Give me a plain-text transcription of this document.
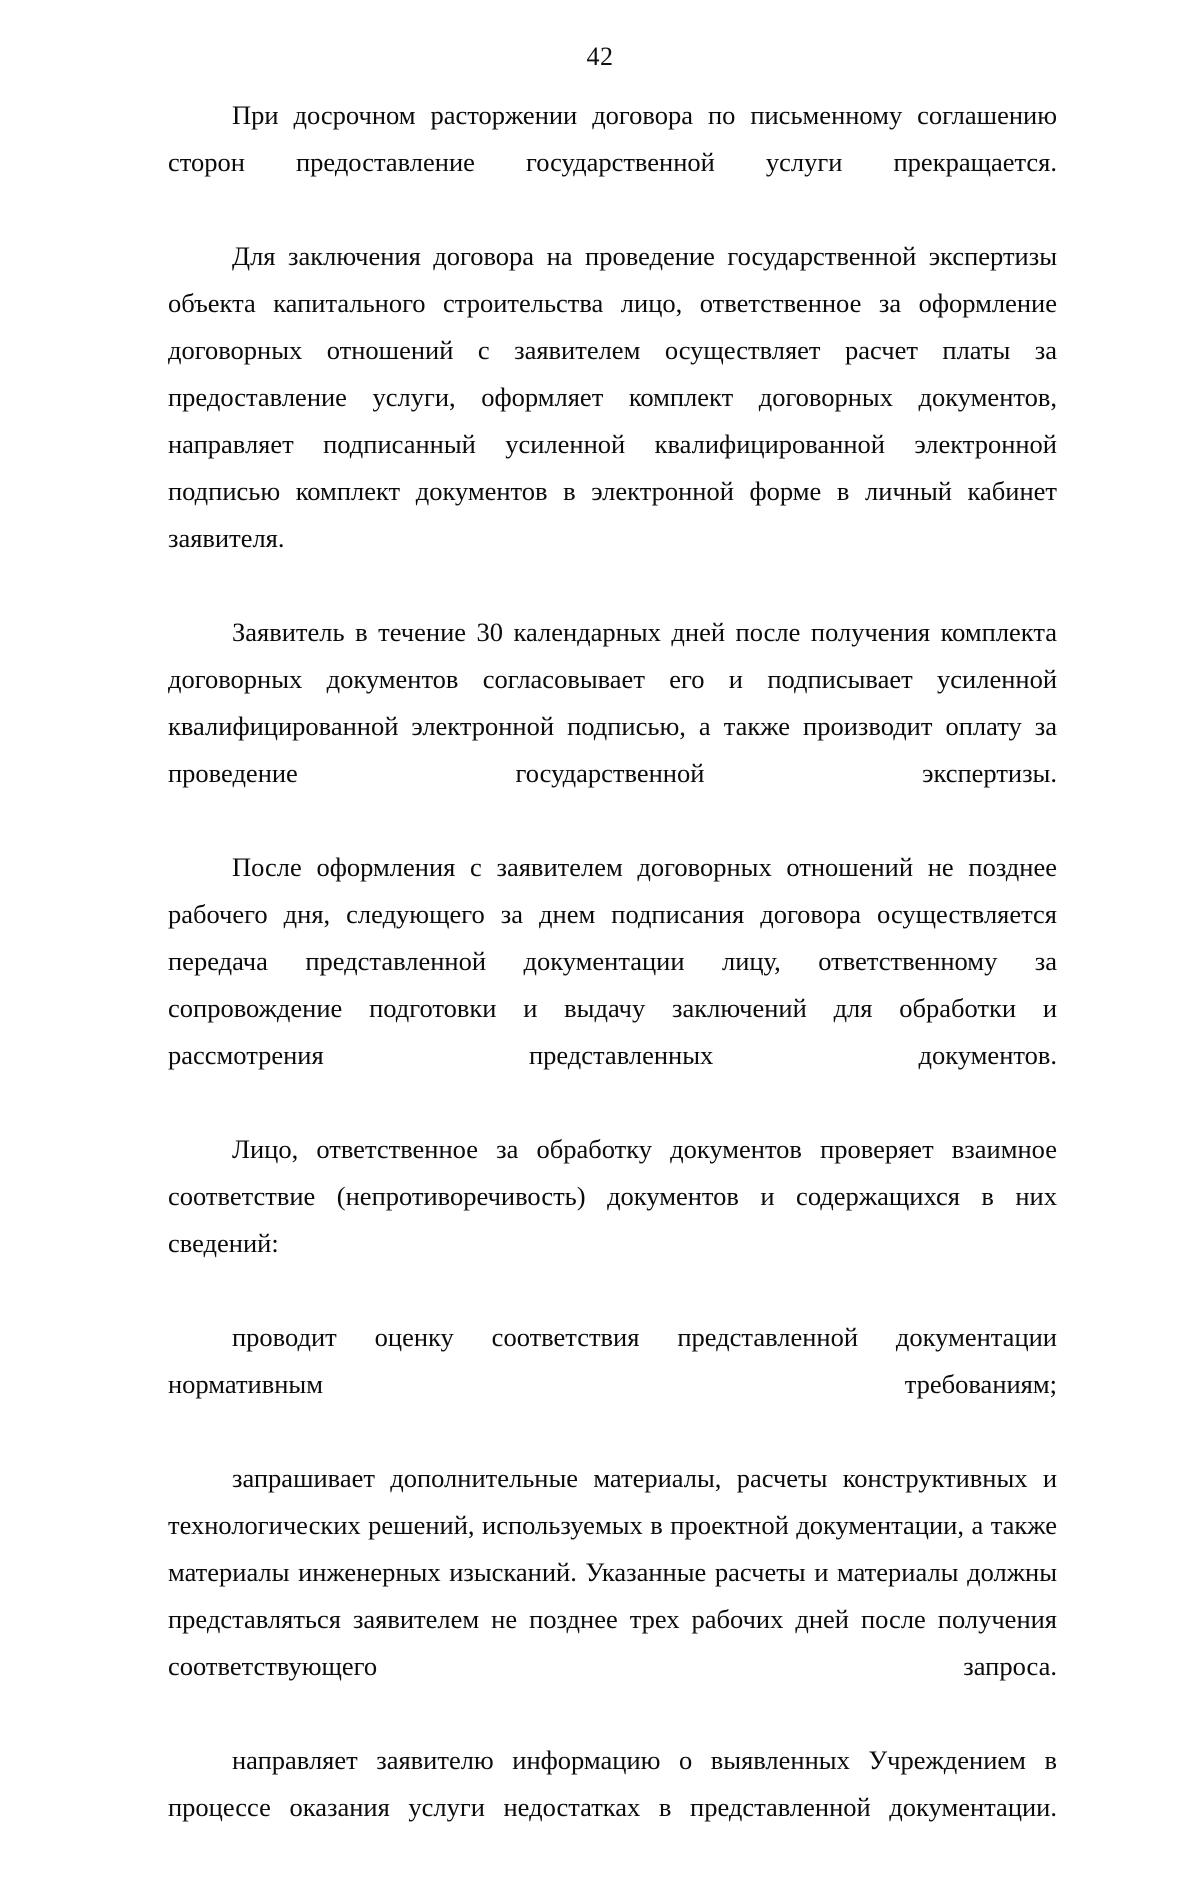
42

При досрочном расторжении договора по письменному соглашению сторон предоставление государственной услуги прекращается.

Для заключения договора на проведение государственной экспертизы объекта капитального строительства лицо, ответственное за оформление договорных отношений с заявителем осуществляет расчет платы за предоставление услуги, оформляет комплект договорных документов, направляет подписанный усиленной квалифицированной электронной подписью комплект документов в электронной форме в личный кабинет заявителя.

Заявитель в течение 30 календарных дней после получения комплекта договорных документов согласовывает его и подписывает усиленной квалифицированной электронной подписью, а также производит оплату за проведение государственной экспертизы.

После оформления с заявителем договорных отношений не позднее рабочего дня, следующего за днем подписания договора осуществляется передача представленной документации лицу, ответственному за сопровождение подготовки и выдачу заключений для обработки и рассмотрения представленных документов.

Лицо, ответственное за обработку документов проверяет взаимное соответствие (непротиворечивость) документов и содержащихся в них сведений:

проводит оценку соответствия представленной документации нормативным требованиям;

запрашивает дополнительные материалы, расчеты конструктивных и технологических решений, используемых в проектной документации, а также материалы инженерных изысканий. Указанные расчеты и материалы должны представляться заявителем не позднее трех рабочих дней после получения соответствующего запроса.

направляет заявителю информацию о выявленных Учреждением в процессе оказания услуги недостатках в представленной документации.
